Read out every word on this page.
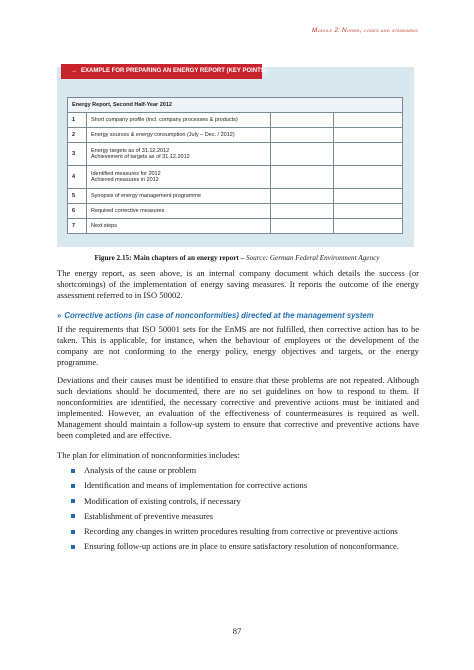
Module 2: Norms, codes and standards
→ EXAMPLE FOR PREPARING AN ENERGY REPORT (KEY POINTS)
Energy Report, Second Half-Year 2012			
1	Short company profile (incl. company processes & products)		
2	Energy sources & energy consumption (July – Dec. / 2012)		
3	Energy targets as of 31.12.2012
Achievement of targets as of 31.12.2012		
4	Identified measures for 2012
Achieved measures in 2012		
5	Synopsis of energy management programme		
6	Required corrective measures		
7	Next steps		
Figure 2.15: Main chapters of an energy report – Source: German Federal Environment Agency

The energy report, as seen above, is an internal company document which details the success (or shortcomings) of the implementation of energy saving measures. It reports the outcome of the energy assessment referred to in ISO 50002.

» Corrective actions (in case of nonconformities) directed at the management system

If the requirements that ISO 50001 sets for the EnMS are not fulfilled, then corrective action has to be taken. This is applicable, for instance, when the behaviour of employees or the development of the company are not conforming to the energy policy, energy objectives and targets, or the energy programme.

Deviations and their causes must be identified to ensure that these problems are not repeated. Although such deviations should be documented, there are no set guidelines on how to respond to them. If nonconformities are identified, the necessary corrective and preventive actions must be initiated and implemented. However, an evaluation of the effectiveness of countermeasures is required as well. Management should maintain a follow-up system to ensure that corrective and preventive actions have been completed and are effective.

The plan for elimination of nonconformities includes:

Analysis of the cause or problem
Identification and means of implementation for corrective actions
Modification of existing controls, if necessary
Establishment of preventive measures
Recording any changes in written procedures resulting from corrective or preventive actions
Ensuring follow-up actions are in place to ensure satisfactory resolution of nonconformance.
87
